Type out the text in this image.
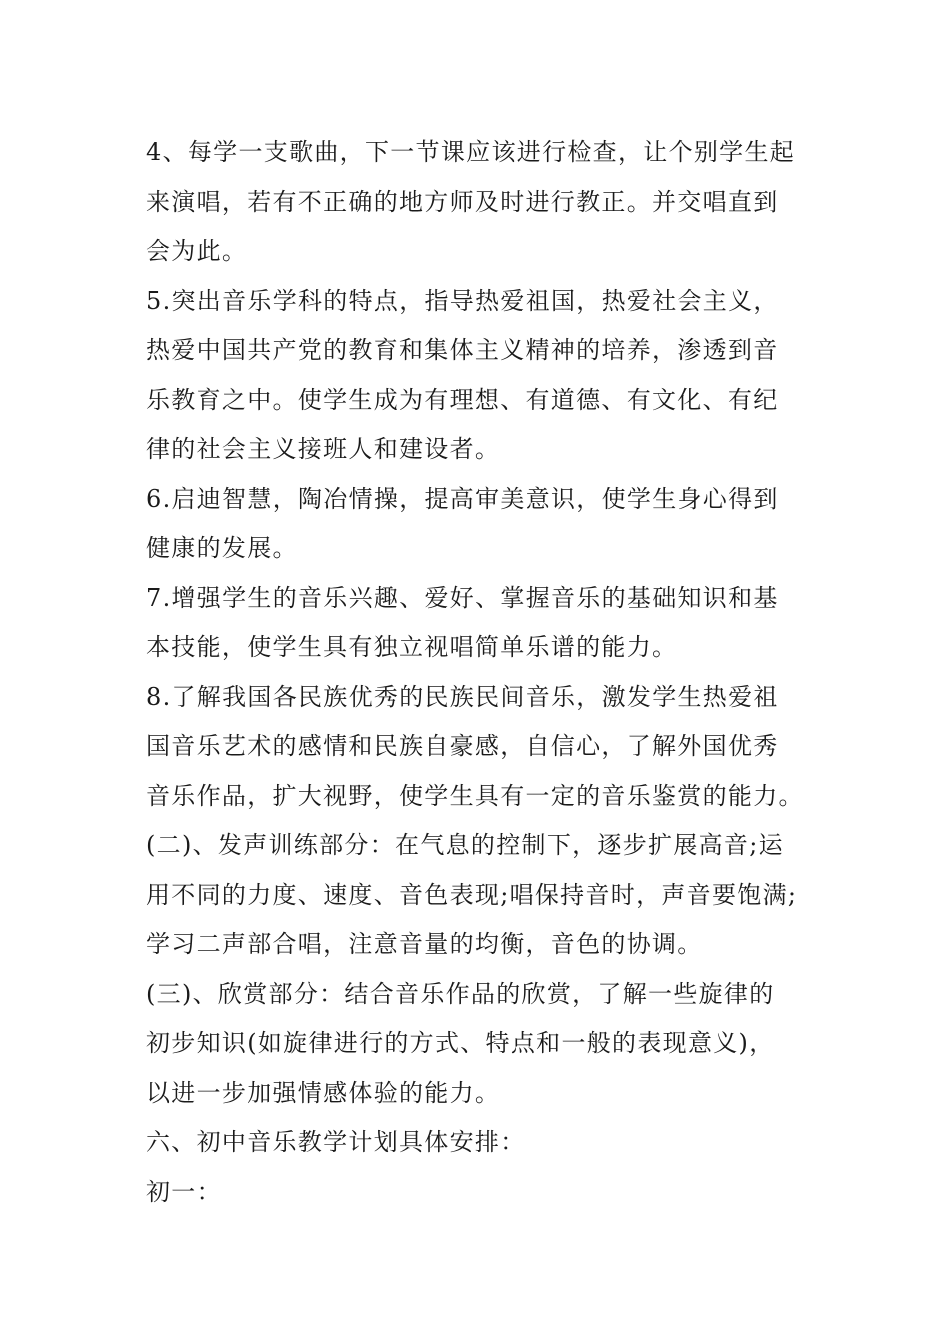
4、每学一支歌曲，下一节课应该进行检查，让个别学生起
来演唱，若有不正确的地方师及时进行教正。并交唱直到
会为此。

5.突出音乐学科的特点，指导热爱祖国，热爱社会主义，
热爱中国共产党的教育和集体主义精神的培养，渗透到音
乐教育之中。使学生成为有理想、有道德、有文化、有纪
律的社会主义接班人和建设者。

6.启迪智慧，陶冶情操，提高审美意识，使学生身心得到
健康的发展。

7.增强学生的音乐兴趣、爱好、掌握音乐的基础知识和基
本技能，使学生具有独立视唱简单乐谱的能力。

8.了解我国各民族优秀的民族民间音乐，激发学生热爱祖
国音乐艺术的感情和民族自豪感，自信心，了解外国优秀
音乐作品，扩大视野，使学生具有一定的音乐鉴赏的能力。

(二)、发声训练部分：在气息的控制下，逐步扩展高音;运
用不同的力度、速度、音色表现;唱保持音时，声音要饱满;
学习二声部合唱，注意音量的均衡，音色的协调。

(三)、欣赏部分：结合音乐作品的欣赏，了解一些旋律的
初步知识(如旋律进行的方式、特点和一般的表现意义)，
以进一步加强情感体验的能力。

六、初中音乐教学计划具体安排：

初一：
